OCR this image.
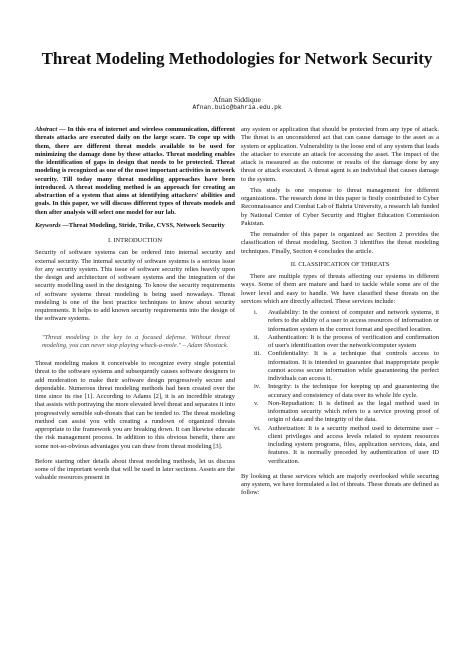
Threat Modeling Methodologies for Network Security
Afnan Siddique
Afnan.buic@bahria.edu.pk

Abstract — In this era of internet and wireless communication, different threats attacks are executed daily on the large scare. To cope up with them, there are different threat models available to be used for minimizing the damage done by these attacks. Threat modeling enables the identification of gaps in design that needs to be protected. Threat modeling is recognized as one of the most important activities in network security. Till today many threat modeling approaches have been introduced. A threat modeling method is an approach for creating an abstraction of a system that aims at identifying attackers' abilities and goals. In this paper, we will discuss different types of threats models and then after analysis will select one model for our lab.

Keywords —Threat Modeling, Stride, Trike, CVSS, Network Security

I. INTRODUCTION

Security of software systems can be ordered into internal security and external security. The internal security of software systems is a serious issue for any security system. This issue of software security relies heavily upon the design and architecture of software systems and the integration of the security modelling used in the designing. To know the security requirements of software systems threat modeling is being used nowadays. Threat modeling is one of the best practice techniques to know about security requirements. It helps to add known security requirements into the design of the software systems.

"Threat modeling is the key to a focused defense. Without threat modeling, you can never stop playing whack-a-mole." – Adam Shostack.

Threat modeling makes it conceivable to recognize every single potential threat to the software systems and subsequently causes software designers to add moderation to make their software design progressively secure and dependable. Numerous threat modeling methods had been created over the time since its rise [1]. According to Adams [2], it is an incredible strategy that assists with portraying the more elevated level threat and separates it into progressively sensible sub-threats that can be tended to. The threat modeling method can assist you with creating a rundown of organized threats appropriate to the framework you are breaking down. It can likewise educate the risk management process. In addition to this obvious benefit, there are some not-so-obvious advantages you can draw from threat modeling [3].

Before starting other details about threat modeling methods, let us discuss some of the important words that will be used in later sections. Assets are the valuable resources present in

any system or application that should be protected from any type of attack. The threat is an unconsidered act that can cause damage to the asset as a system or application. Vulnerability is the loose end of any system that leads the attacker to execute an attack for accessing the asset. The impact of the attack is measured as the outcome or results of the damage done by any threat or attack executed. A threat agent is an individual that causes damage to the system.

This study is one response to threat management for different organizations. The research done in this paper is firstly contributed to Cyber Reconnaissance and Combat Lab of Bahria University, a research lab funded by National Center of Cyber Security and Higher Education Commission Pakistan.

The remainder of this paper is organized as: Section 2 provides the classification of threat modeling. Section 3 identifies the threat modeling techniques. Finally, Section 4 concludes the article.

II. CLASSIFICATION OF THREATS

There are multiple types of threats affecting our systems in different ways. Some of them are mature and hard to tackle while some are of the lower level and easy to handle. We have classified these threats on the services which are directly affected. These services include:

i. Availability: In the context of computer and network systems, it refers to the ability of a user to access resources of information or information system in the correct format and specified location.
ii. Authentication: It is the process of verification and confirmation of user's identification over the network/computer system
iii. Confidentiality: It is a technique that controls access to information. It is intended to guarantee that inappropriate people cannot access secure information while guaranteeing the perfect individuals can access it.
iv. Integrity: is the technique for keeping up and guaranteeing the accuracy and consistency of data over its whole life cycle.
v. Non-Repudiation: It is defined as the legal method used in information security which refers to a service proving proof of origin of data and the integrity of the data.
vi. Authorization: It is a security method used to determine user – client privileges and access levels related to system resources including system programs, files, application services, data, and features. It is normally preceded by authentication of user ID verification.

By looking at these services which are majorly overlooked while securing any system, we have formulated a list of threats. These threats are defined as follow:
